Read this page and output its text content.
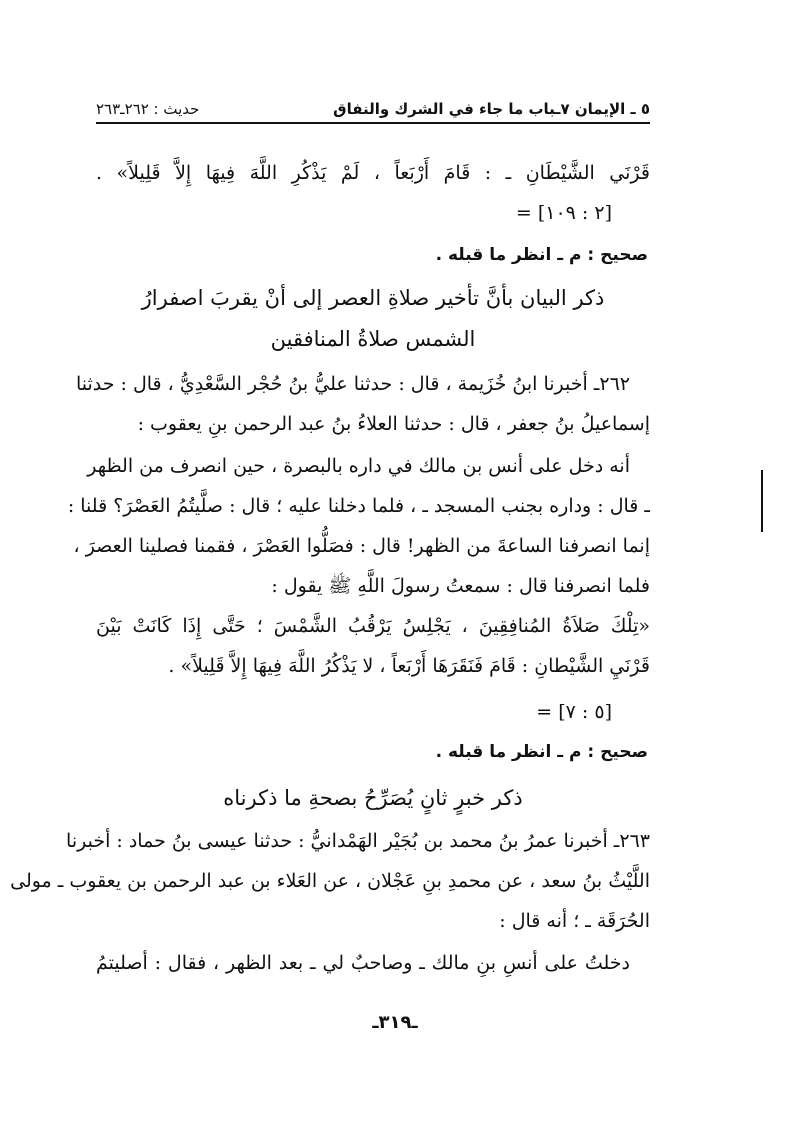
٥ ـ الإيمان ٧ـباب ما جاء في الشرك والنفاق
حديث : ٢٦٢ـ٢٦٣
قَرْنَي الشَّيْطَانِ ـ : قَامَ أَرْبَعاً ، لَمْ يَذْكُرِ اللَّهَ فِيهَا إِلاَّ قَلِيلاً» .
= [٢ : ١٠٩]
صحيح : م ـ انظر ما قبله .
ذكر البيان بأنَّ تأخير صلاةِ العصر إلى أنْ يقربَ اصفرارُ
الشمس صلاةُ المنافقين
٢٦٢ـ أخبرنا ابنُ خُزَيمة ، قال : حدثنا عليُّ بنُ حُجْر السَّعْدِيُّ ، قال : حدثنا
إسماعيلُ بنُ جعفر ، قال : حدثنا العلاءُ بنُ عبد الرحمن بنِ يعقوب :
أنه دخل على أنس بن مالك في داره بالبصرة ، حين انصرف من الظهر
ـ قال : وداره بجنب المسجد ـ ، فلما دخلنا عليه ؛ قال : صلَّيتُمُ العَصْرَ؟ قلنا :
إنما انصرفنا الساعةَ من الظهر! قال : فصَلُّوا العَصْرَ ، فقمنا فصلينا العصرَ ،
فلما انصرفنا قال : سمعتُ رسولَ اللَّهِ ﷺ يقول :
«تِلْكَ صَلاَةُ المُنافِقِينَ ، يَجْلِسُ يَرْقُبُ الشَّمْسَ ؛ حَتَّى إِذَا كَانَتْ بَيْنَ
قَرْنَيِ الشَّيْطانِ : قَامَ فَنَقَرَهَا أَرْبَعاً ، لا يَذْكُرُ اللَّهَ فِيهَا إِلاَّ قَلِيلاً» .
= [٥ : ٧]
صحيح : م ـ انظر ما قبله .
ذكر خبرٍ ثانٍ يُصَرِّحُ بصحةِ ما ذكرناه
٢٦٣ـ أخبرنا عمرُ بنُ محمد بن بُجَيْر الهَمْدانيُّ : حدثنا عيسى بنُ حماد : أخبرنا
اللَّيْثُ بنُ سعد ، عن محمدِ بنِ عَجْلان ، عن العَلاء بن عبد الرحمن بن يعقوب ـ مولى
الحُرَقَة ـ ؛ أنه قال :
دخلتُ على أنسِ بنِ مالك ـ وصاحبٌ لي ـ بعد الظهر ، فقال : أصليتمُ
ـ٣١٩ـ
